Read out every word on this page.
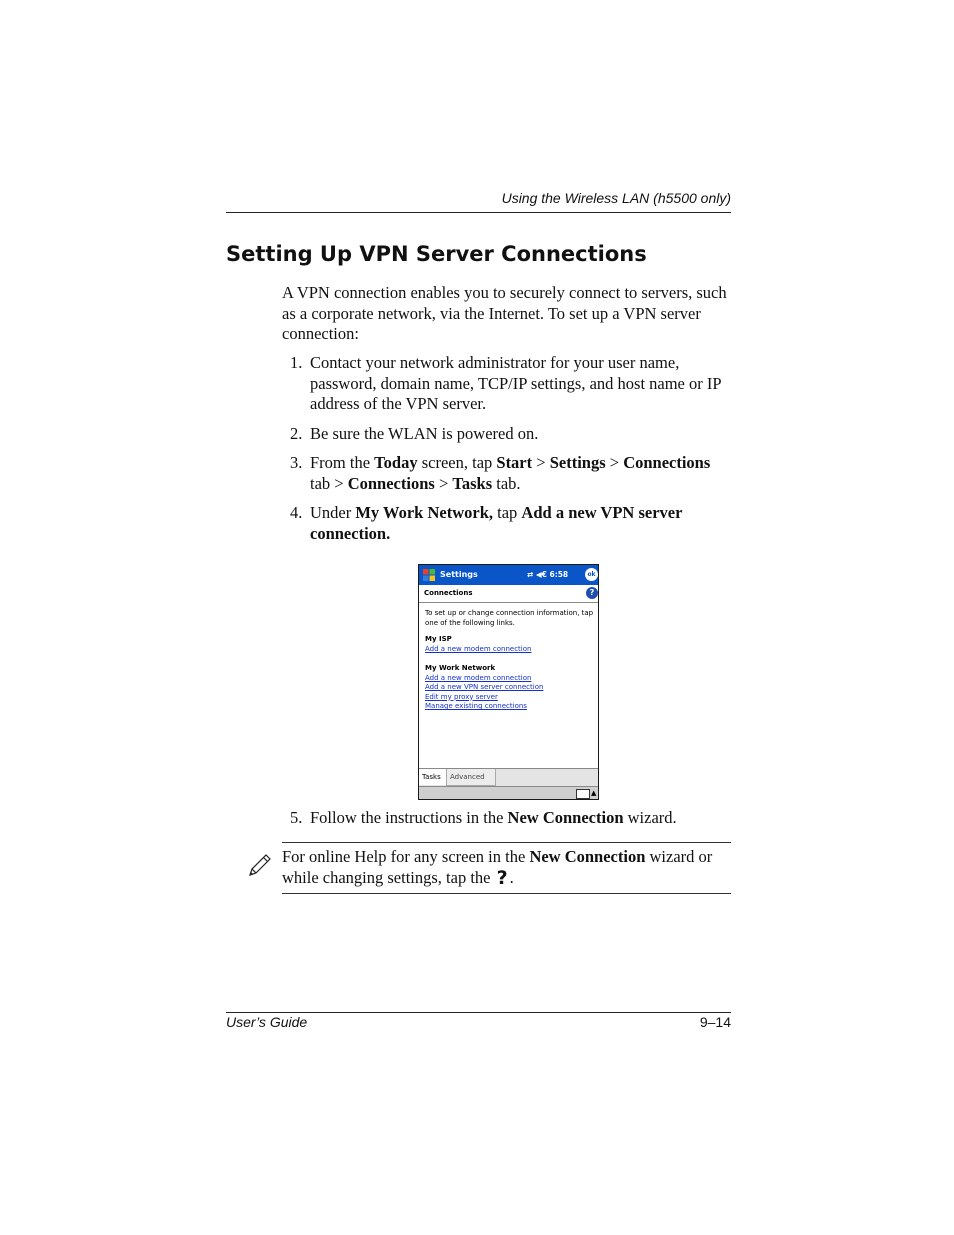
Using the Wireless LAN (h5500 only)
Setting Up VPN Server Connections
A VPN connection enables you to securely connect to servers, such as a corporate network, via the Internet. To set up a VPN server connection:
1. Contact your network administrator for your user name, password, domain name, TCP/IP settings, and host name or IP address of the VPN server.
2. Be sure the WLAN is powered on.
3. From the Today screen, tap Start > Settings > Connections
tab > Connections > Tasks tab.
4. Under My Work Network, tap Add a new VPN server connection.
Settings	⇄ ◀€ 6:58	ok
Connections	?

To set up or change connection information, tap one of the following links.

My ISP

Add a new modem connection

My Work Network

Add a new modem connection
Add a new VPN server connection
Edit my proxy server
Manage existing connections
Tasks	Advanced
▲
5. Follow the instructions in the New Connection wizard.
For online Help for any screen in the New Connection wizard or while changing settings, tap the ? .
User’s Guide	9–14
